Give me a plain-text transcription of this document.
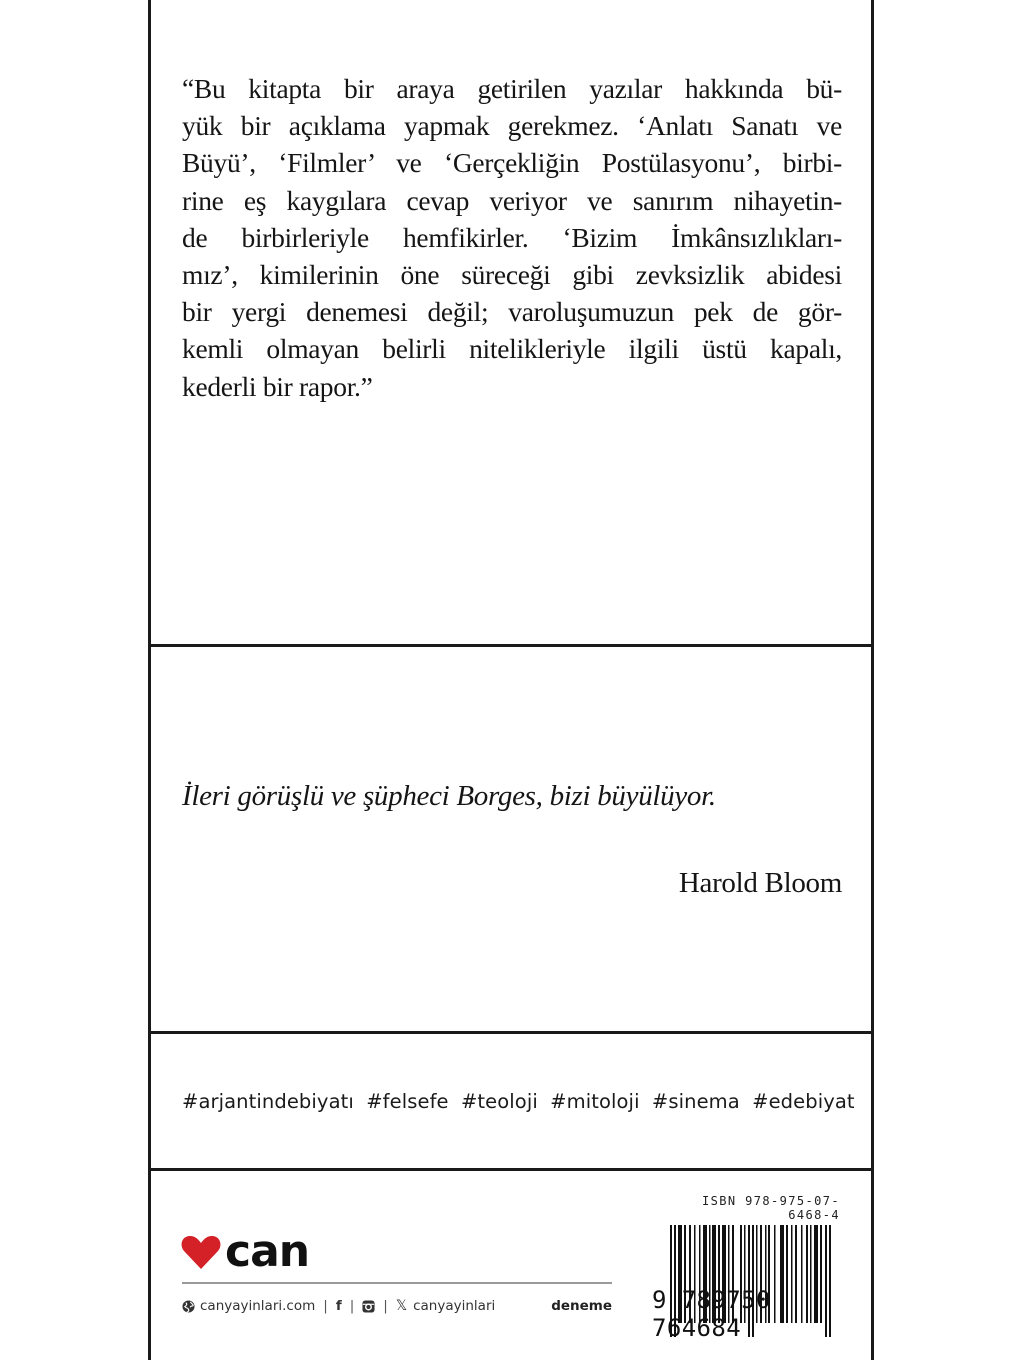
“Bu kitapta bir araya getirilen yazılar hakkında bü-
yük bir açıklama yapmak gerekmez. ‘Anlatı Sanatı ve
Büyü’, ‘Filmler’ ve ‘Gerçekliğin Postülasyonu’, birbi-
rine eş kaygılara cevap veriyor ve sanırım nihayetin-
de birbirleriyle hemfikirler. ‘Bizim İmkânsızlıkları-
mız’, kimilerinin öne süreceği gibi zevksizlik abidesi
bir yergi denemesi değil; varoluşumuzun pek de gör-
kemli olmayan belirli nitelikleriyle ilgili üstü kapalı,
kederli bir rapor.”
İleri görüşlü ve şüpheci Borges, bizi büyülüyor.
Harold Bloom
#arjantindebiyatı #felsefe #teoloji #mitoloji #sinema #edebiyat
can
canyayinlari.com | f | | 𝕏 canyayinlari	deneme
ISBN 978-975-07-6468-4
9 789750 764684
